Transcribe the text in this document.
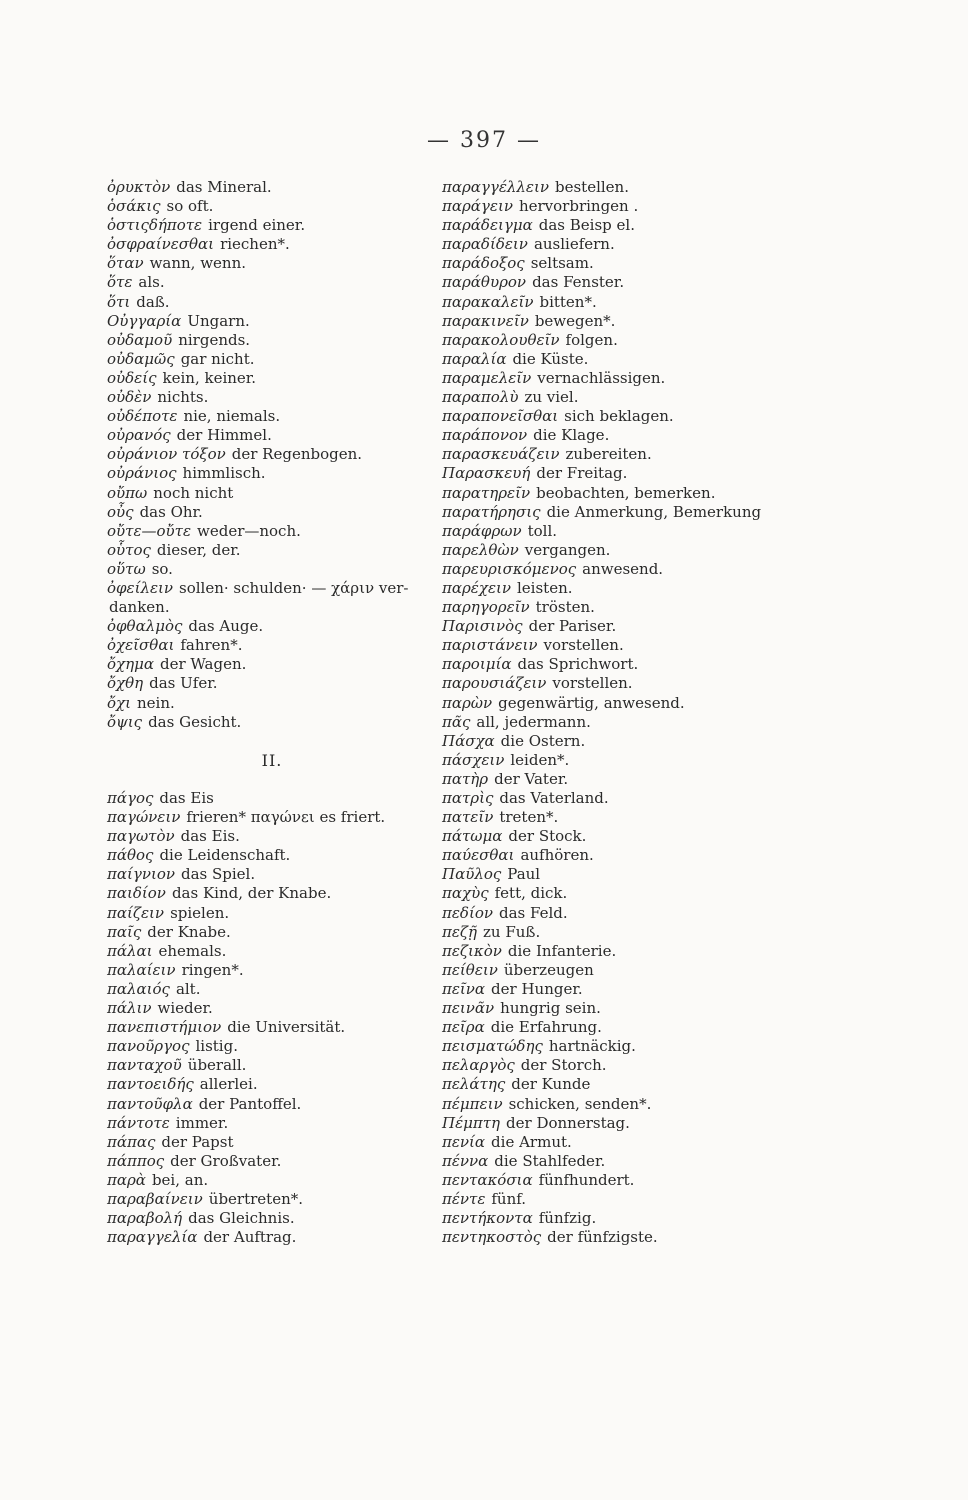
— 397 —
ὀρυκτὸν das Mineral.
ὁσάκις so oft.
ὁστιςδήποτε irgend einer.
ὀσφραίνεσθαι riechen*.
ὅταν wann, wenn.
ὅτε als.
ὅτι daß.
Οὐγγαρία Ungarn.
οὐδαμοῦ nirgends.
οὐδαμῶς gar nicht.
οὐδείς kein, keiner.
οὐδὲν nichts.
οὐδέποτε nie, niemals.
οὐρανός der Himmel.
οὐράνιον τόξον der Regenbogen.
οὐράνιος himmlisch.
οὔπω noch nicht
οὖς das Ohr.
οὔτε—οὔτε weder—noch.
οὗτος dieser, der.
οὕτω so.
ὀφείλειν sollen· schulden· — χάριν ver-
danken.
ὀφθαλμὸς das Auge.
ὀχεῖσθαι fahren*.
ὄχημα der Wagen.
ὄχθη das Ufer.
ὄχι nein.
ὄψις das Gesicht.
II.
πάγος das Eis
παγώνειν frieren* παγώνει es friert.
παγωτὸν das Eis.
πάθος die Leidenschaft.
παίγνιον das Spiel.
παιδίον das Kind, der Knabe.
παίζειν spielen.
παῖς der Knabe.
πάλαι ehemals.
παλαίειν ringen*.
παλαιός alt.
πάλιν wieder.
πανεπιστήμιον die Universität.
πανοῦργος listig.
πανταχοῦ überall.
παντοειδής allerlei.
παντοῦφλα der Pantoffel.
πάντοτε immer.
πάπας der Papst
πάππος der Großvater.
παρὰ bei, an.
παραβαίνειν übertreten*.
παραβολή das Gleichnis.
παραγγελία der Auftrag.
παραγγέλλειν bestellen.
παράγειν hervorbringen .
παράδειγμα das Beisp el.
παραδίδειν ausliefern.
παράδοξος seltsam.
παράθυρον das Fenster.
παρακαλεῖν bitten*.
παρακινεῖν bewegen*.
παρακολουθεῖν folgen.
παραλία die Küste.
παραμελεῖν vernachlässigen.
παραπολὺ zu viel.
παραπονεῖσθαι sich beklagen.
παράπονον die Klage.
παρασκευάζειν zubereiten.
Παρασκευή der Freitag.
παρατηρεῖν beobachten, bemerken.
παρατήρησις die Anmerkung, Bemerkung
παράφρων toll.
παρελθὼν vergangen.
παρευρισκόμενος anwesend.
παρέχειν leisten.
παρηγορεῖν trösten.
Παρισινὸς der Pariser.
παριστάνειν vorstellen.
παροιμία das Sprichwort.
παρουσιάζειν vorstellen.
παρὼν gegenwärtig, anwesend.
πᾶς all, jedermann.
Πάσχα die Ostern.
πάσχειν leiden*.
πατὴρ der Vater.
πατρὶς das Vaterland.
πατεῖν treten*.
πάτωμα der Stock.
παύεσθαι aufhören.
Παῦλος Paul
παχὺς fett, dick.
πεδίον das Feld.
πεζῇ zu Fuß.
πεζικὸν die Infanterie.
πείθειν überzeugen
πεῖνα der Hunger.
πεινᾶν hungrig sein.
πεῖρα die Erfahrung.
πεισματώδης hartnäckig.
πελαργὸς der Storch.
πελάτης der Kunde
πέμπειν schicken, senden*.
Πέμπτη der Donnerstag.
πενία die Armut.
πέννα die Stahlfeder.
πεντακόσια fünfhundert.
πέντε fünf.
πεντήκοντα fünfzig.
πεντηκοστὸς der fünfzigste.
